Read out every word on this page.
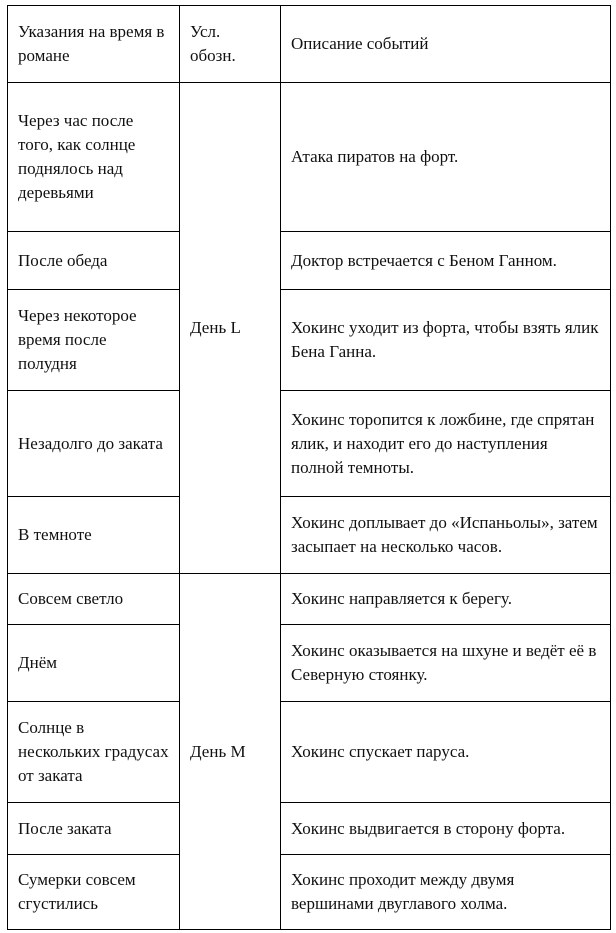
Указания на время в романе	Усл. обозн.	Описание событий
Через час после того, как солнце поднялось над деревьями	День L	Атака пиратов на форт.
После обеда		Доктор встречается с Беном Ганном.
Через некоторое время после полудня		Хокинс уходит из форта, чтобы взять ялик Бена Ганна.
Незадолго до заката		Хокинс торопится к ложбине, где спрятан ялик, и находит его до наступления полной темноты.
В темноте		Хокинс доплывает до «Испаньолы», затем засыпает на несколько часов.
Совсем светло	День M	Хокинс направляется к берегу.
Днём		Хокинс оказывается на шхуне и ведёт её в Северную стоянку.
Солнце в нескольких градусах от заката		Хокинс спускает паруса.
После заката		Хокинс выдвигается в сторону форта.
Сумерки совсем сгустились		Хокинс проходит между двумя вершинами двуглавого холма.
